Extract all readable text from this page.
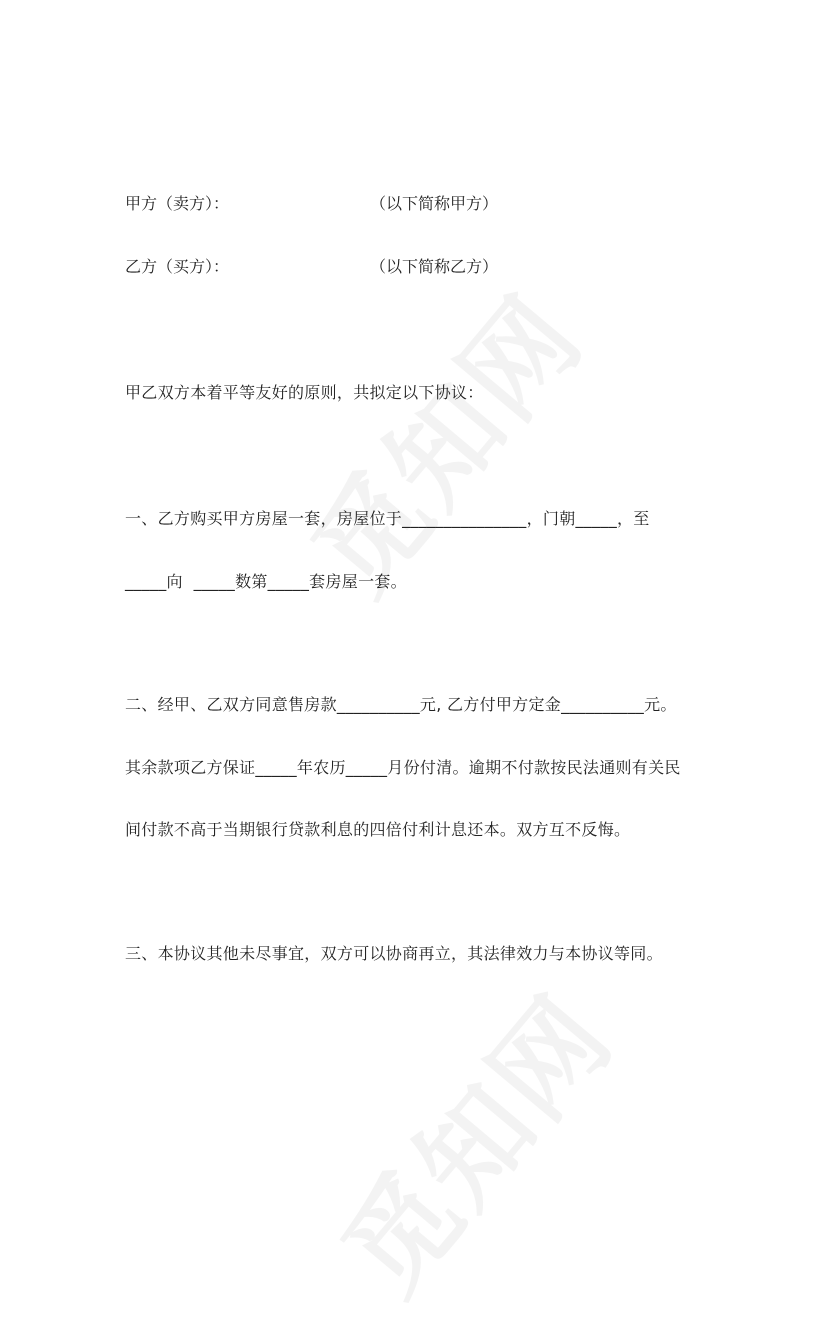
甲方（卖方）：	（以下简称甲方）
乙方（买方）：	（以下简称乙方）
甲乙双方本着平等友好的原则，共拟定以下协议：
一、乙方购买甲方房屋一套，房屋位于_______________，门朝_____，至
_____向  _____数第_____套房屋一套。
二、经甲、乙双方同意售房款__________元, 乙方付甲方定金__________元。
其余款项乙方保证_____年农历_____月份付清。逾期不付款按民法通则有关民
间付款不高于当期银行贷款利息的四倍付利计息还本。双方互不反悔。
三、本协议其他未尽事宜，双方可以协商再立，其法律效力与本协议等同。
